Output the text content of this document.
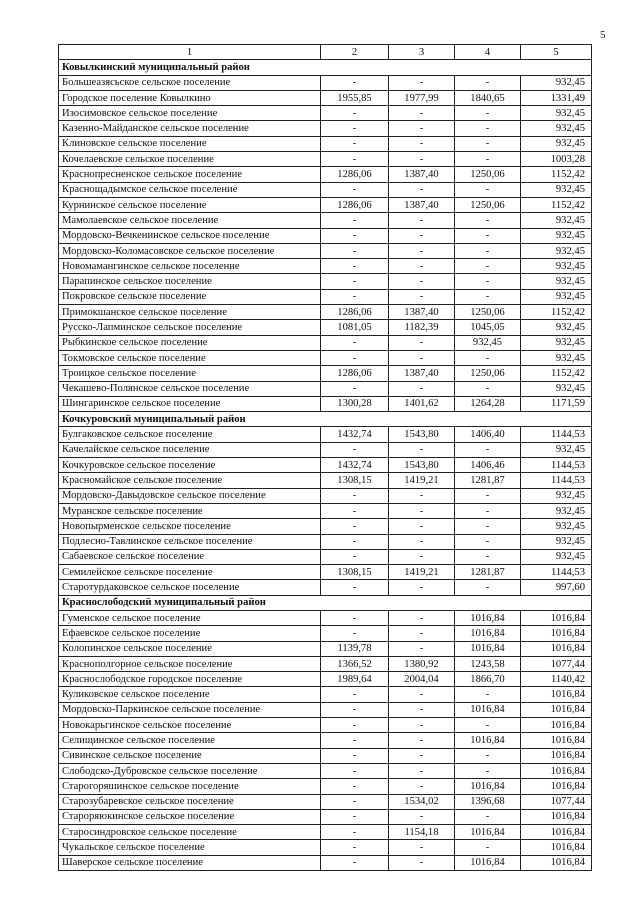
5
1	2	3	4	5
Ковылкинский муниципальный район				
Большеазясьское сельское поселение	-	-	-	932,45
Городское поселение Ковылкино	1955,85	1977,99	1840,65	1331,49
Изосимовское сельское поселение	-	-	-	932,45
Казенно-Майданское сельское поселение	-	-	-	932,45
Клиновское сельское поселение	-	-	-	932,45
Кочелаевское сельское поселение	-	-	-	1003,28
Краснопресненское сельское поселение	1286,06	1387,40	1250,06	1152,42
Краснощадымское сельское поселение	-	-	-	932,45
Курнинское сельское поселение	1286,06	1387,40	1250,06	1152,42
Мамолаевское сельское поселение	-	-	-	932,45
Мордовско-Вечкенинское сельское поселение	-	-	-	932,45
Мордовско-Коломасовское сельское поселение	-	-	-	932,45
Новомамангинское сельское поселение	-	-	-	932,45
Парапинское сельское поселение	-	-	-	932,45
Покровское сельское поселение	-	-	-	932,45
Примокшанское сельское поселение	1286,06	1387,40	1250,06	1152,42
Русско-Лапминское сельское поселение	1081,05	1182,39	1045,05	932,45
Рыбкинское сельское поселение	-	-	932,45	932,45
Токмовское сельское поселение	-	-	-	932,45
Троицкое сельское поселение	1286,06	1387,40	1250,06	1152,42
Чекашево-Полянское сельское поселение	-	-	-	932,45
Шингаринское сельское поселение	1300,28	1401,62	1264,28	1171,59
Кочкуровский муниципальный район				
Булгаковское сельское поселение	1432,74	1543,80	1406,40	1144,53
Качелайское сельское поселение	-	-	-	932,45
Кочкуровское сельское поселение	1432,74	1543,80	1406,46	1144,53
Красномайское сельское поселение	1308,15	1419,21	1281,87	1144,53
Мордовско-Давыдовское сельское поселение	-	-	-	932,45
Муранское сельское поселение	-	-	-	932,45
Новопырменское сельское поселение	-	-	-	932,45
Подлесно-Тавлинское сельское поселение	-	-	-	932,45
Сабаевское сельское поселение	-	-	-	932,45
Семилейское сельское поселение	1308,15	1419,21	1281,87	1144,53
Старотурдаковское сельское поселение	-	-	-	997,60
Краснослободский муниципальный район				
Гуменское сельское поселение	-	-	1016,84	1016,84
Ефаевское сельское поселение	-	-	1016,84	1016,84
Колопинское сельское поселение	1139,78	-	1016,84	1016,84
Краснополгорное сельское поселение	1366,52	1380,92	1243,58	1077,44
Краснослободское городское поселение	1989,64	2004,04	1866,70	1140,42
Куликовское сельское поселение	-	-	-	1016,84
Мордовско-Паркинское сельское поселение	-	-	1016,84	1016,84
Новокарьгинское сельское поселение	-	-	-	1016,84
Селищинское сельское поселение	-	-	1016,84	1016,84
Сивинское сельское поселение	-	-	-	1016,84
Слободско-Дубровское сельское поселение	-	-	-	1016,84
Старогоряшинское сельское поселение	-	-	1016,84	1016,84
Старозубаревское сельское поселение	-	1534,02	1396,68	1077,44
Староряюкинское сельское поселение	-	-	-	1016,84
Старосиндровское сельское поселение	-	1154,18	1016,84	1016,84
Чукальское сельское поселение	-	-	-	1016,84
Шаверское сельское поселение	-	-	1016,84	1016,84
